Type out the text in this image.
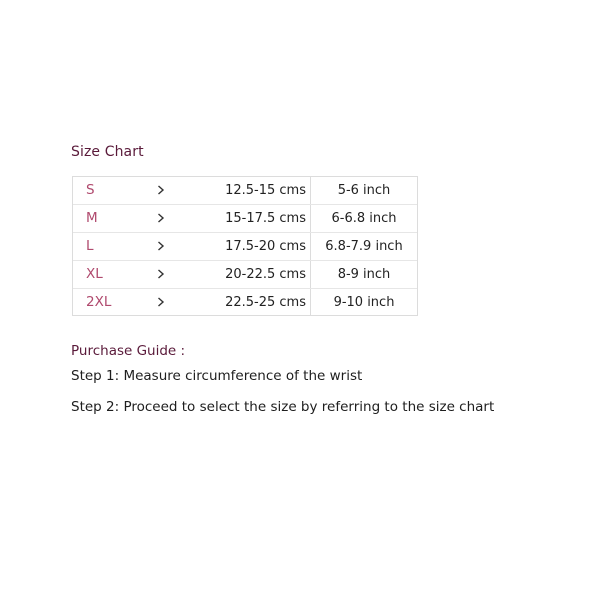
Size Chart
S	12.5-15 cms	5-6 inch
M	15-17.5 cms	6-6.8 inch
L	17.5-20 cms	6.8-7.9 inch
XL	20-22.5 cms	8-9 inch
2XL	22.5-25 cms	9-10 inch
Purchase Guide :
Step 1: Measure circumference of the wrist
Step 2: Proceed to select the size by referring to the size chart
